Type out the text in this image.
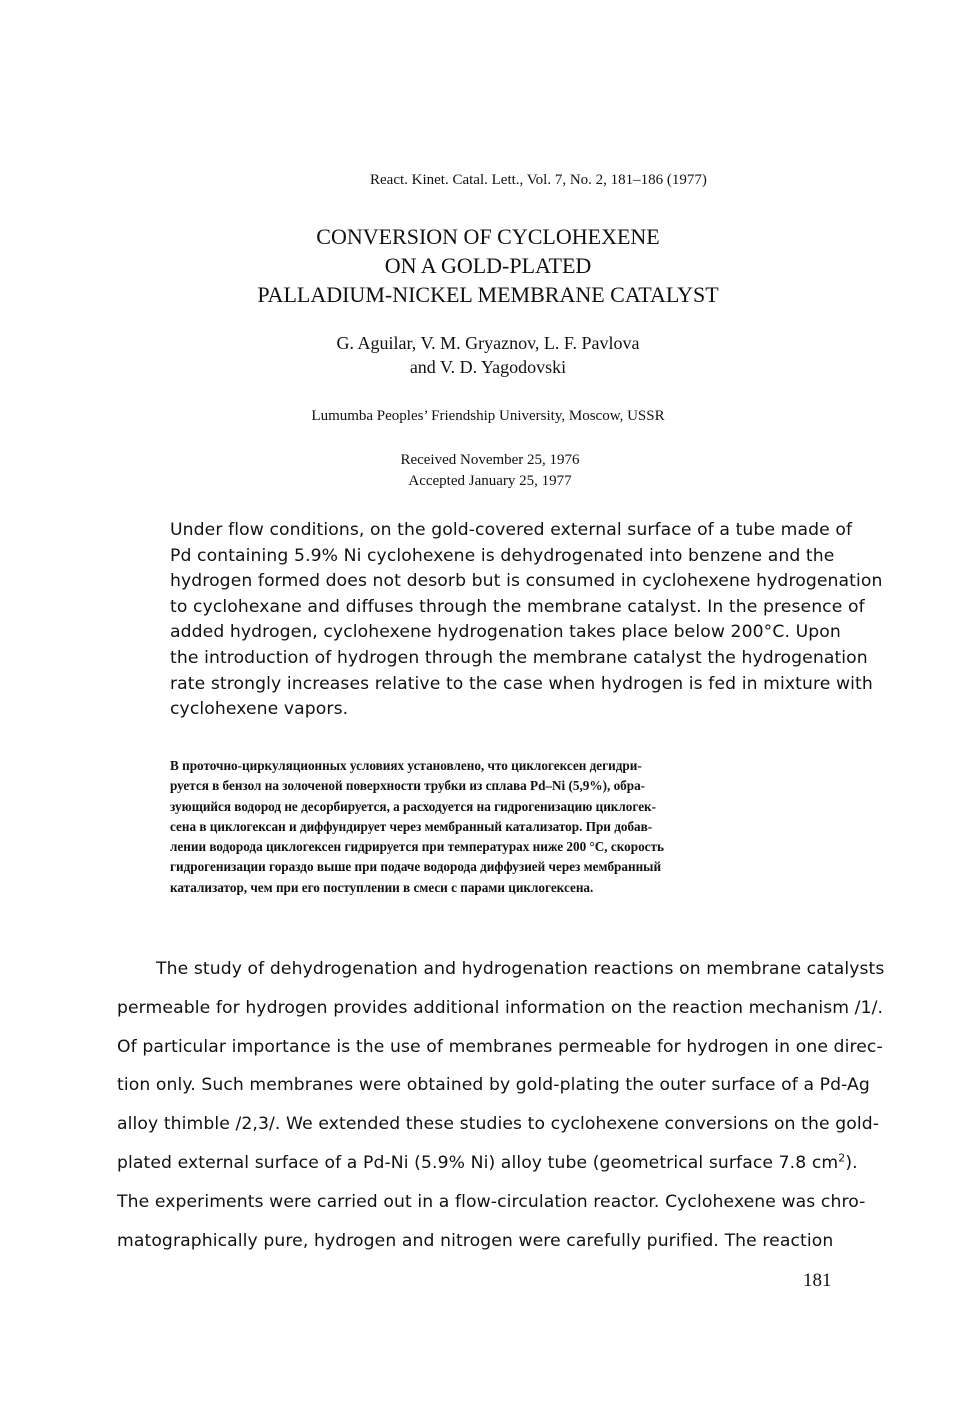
React. Kinet. Catal. Lett., Vol. 7, No. 2, 181–186 (1977)
CONVERSION OF CYCLOHEXENE
ON A GOLD-PLATED
PALLADIUM-NICKEL MEMBRANE CATALYST
G. Aguilar, V. M. Gryaznov, L. F. Pavlova
and V. D. Yagodovski
Lumumba Peoples’ Friendship University, Moscow, USSR
Received November 25, 1976
Accepted January 25, 1977
Under flow conditions, on the gold-covered external surface of a tube made of
Pd containing 5.9% Ni cyclohexene is dehydrogenated into benzene and the
hydrogen formed does not desorb but is consumed in cyclohexene hydrogenation
to cyclohexane and diffuses through the membrane catalyst. In the presence of
added hydrogen, cyclohexene hydrogenation takes place below 200°C. Upon
the introduction of hydrogen through the membrane catalyst the hydrogenation
rate strongly increases relative to the case when hydrogen is fed in mixture with
cyclohexene vapors.
В проточно-циркуляционных условиях установлено, что циклогексен дегидри-
руется в бензол на золоченой поверхности трубки из сплава Pd–Ni (5,9%), обра-
зующийся водород не десорбируется, а расходуется на гидрогенизацию циклогек-
сена в циклогексан и диффундирует через мембранный катализатор. При добав-
лении водорода циклогексен гидрируется при температурах ниже 200 °C, скорость
гидрогенизации гораздо выше при подаче водорода диффузией через мембранный
катализатор, чем при его поступлении в смеси с парами циклогексена.
The study of dehydrogenation and hydrogenation reactions on membrane catalysts
permeable for hydrogen provides additional information on the reaction mechanism /1/.
Of particular importance is the use of membranes permeable for hydrogen in one direc-
tion only. Such membranes were obtained by gold-plating the outer surface of a Pd-Ag
alloy thimble /2,3/. We extended these studies to cyclohexene conversions on the gold-
plated external surface of a Pd-Ni (5.9% Ni) alloy tube (geometrical surface 7.8 $cm^2$).
The experiments were carried out in a flow-circulation reactor. Cyclohexene was chro-
matographically pure, hydrogen and nitrogen were carefully purified. The reaction
181
